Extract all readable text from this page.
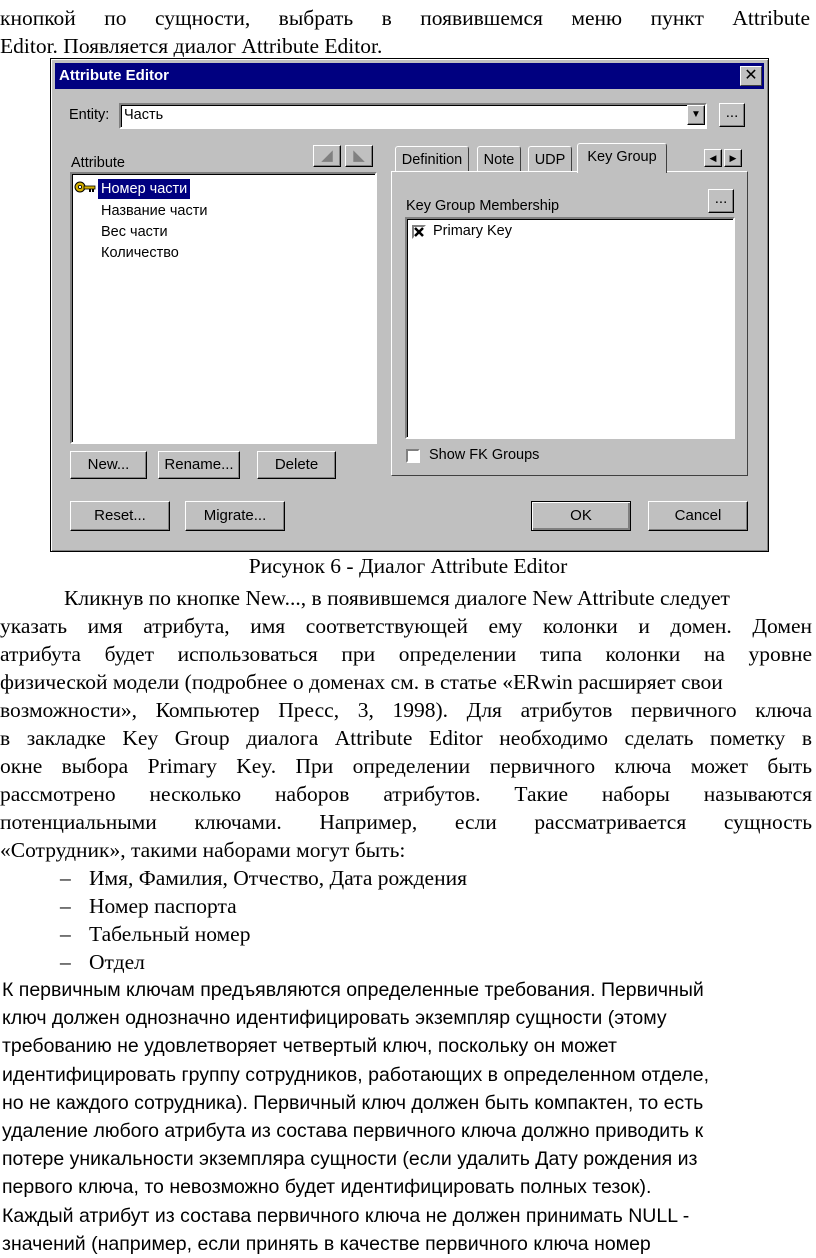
кнопкой по сущности, выбрать в появившемся меню пункт Attribute
Editor. Появляется диалог Attribute Editor.
Attribute Editor	✕
Entity: Часть	▼	...
Attribute	◢	◣
Номер части
Название части
Вес части
Количество
Definition	Note	UDP	Key Group	◀	▶
Key Group Membership	...
Primary Key
Show FK Groups
New...	Rename...	Delete
Reset...	Migrate...	OK	Cancel
Рисунок 6 - Диалог Attribute Editor
Кликнув по кнопке New..., в появившемся диалоге New Attribute следует
указать имя атрибута, имя соответствующей ему колонки и домен. Домен
атрибута будет использоваться при определении типа колонки на уровне
физической модели (подробнее о доменах см. в статье «ERwin расширяет свои
возможности», Компьютер Пресс, 3, 1998). Для атрибутов первичного ключа
в закладке Key Group диалога Attribute Editor необходимо сделать пометку в
окне выбора Primary Key. При определении первичного ключа может быть
рассмотрено несколько наборов атрибутов. Такие наборы называются
потенциальными ключами. Например, если рассматривается сущность
«Сотрудник», такими наборами могут быть:
– Имя, Фамилия, Отчество, Дата рождения
– Номер паспорта
– Табельный номер
– Отдел
К первичным ключам предъявляются определенные требования. Первичный
ключ должен однозначно идентифицировать экземпляр сущности (этому
требованию не удовлетворяет четвертый ключ, поскольку он может
идентифицировать группу сотрудников, работающих в определенном отделе,
но не каждого сотрудника). Первичный ключ должен быть компактен, то есть
удаление любого атрибута из состава первичного ключа должно приводить к
потере уникальности экземпляра сущности (если удалить Дату рождения из
первого ключа, то невозможно будет идентифицировать полных тезок).
Каждый атрибут из состава первичного ключа не должен принимать NULL -
значений (например, если принять в качестве первичного ключа номер
